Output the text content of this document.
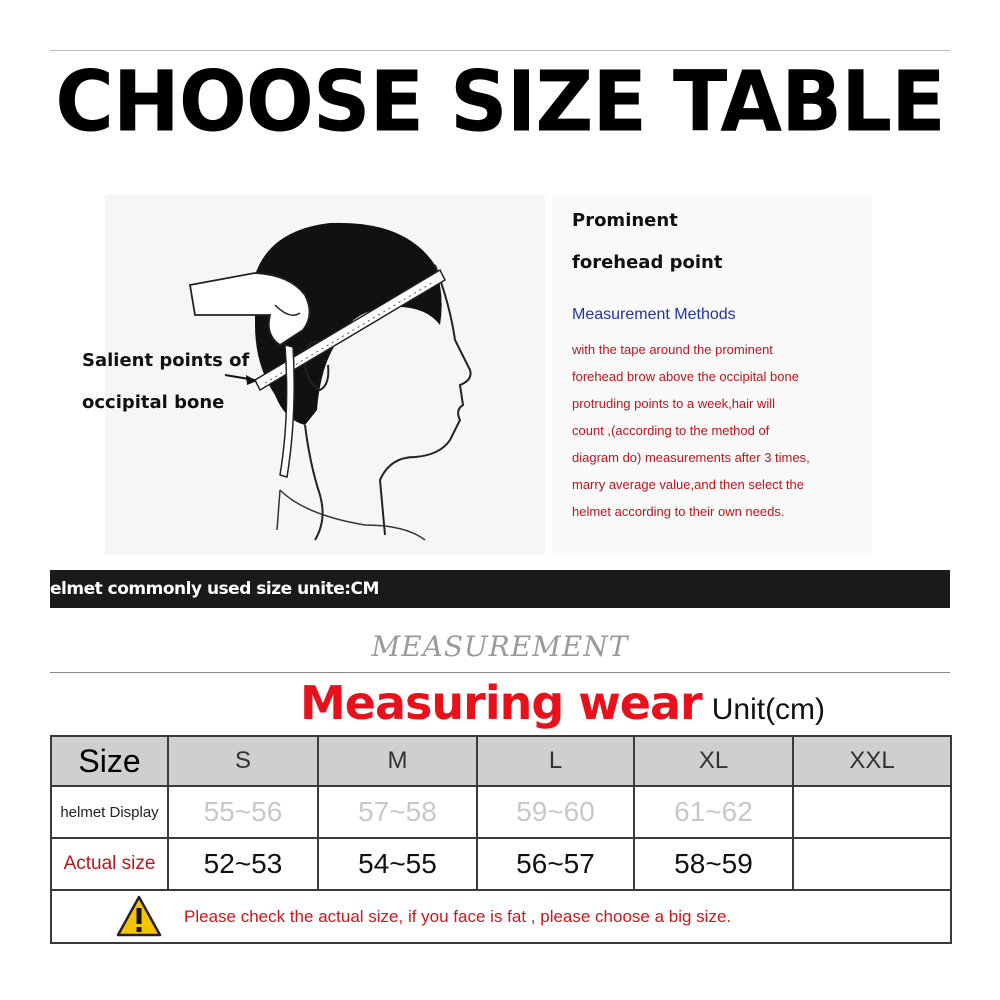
CHOOSE SIZE TABLE
Salient points of
occipital bone
Prominent
forehead point
Measurement Methods
with the tape around the prominent
forehead brow above the occipital bone
protruding points to a week,hair will
count ,(according to the method of
diagram do) measurements after 3 times,
marry average value,and then select the
helmet according to their own needs.
elmet commonly used size unite:CM
MEASUREMENT
Measuring wear Unit(cm)
Size	S	M	L	XL	XXL
helmet Display	55~56	57~58	59~60	61~62	
Actual size	52~53	54~55	56~57	58~59	
Please check the actual size, if you face is fat , please choose a big size.
